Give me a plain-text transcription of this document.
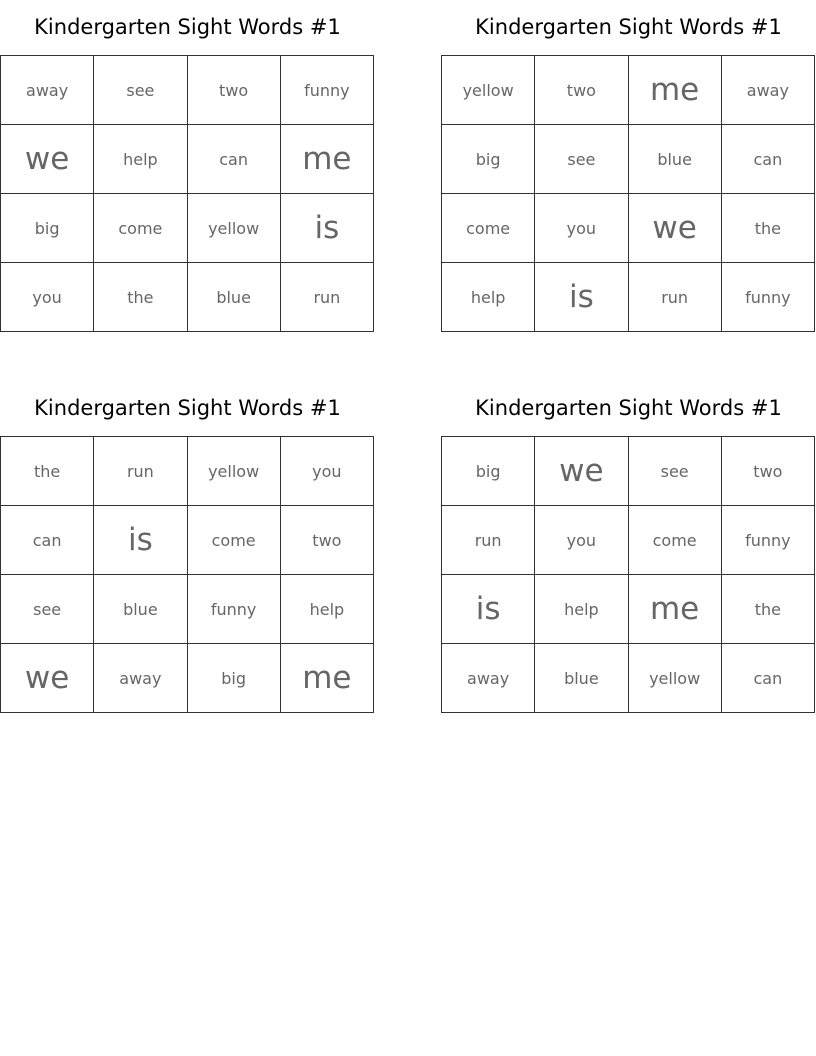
Kindergarten Sight Words #1
away	see	two	funny
we	help	can	me
big	come	yellow	is
you	the	blue	run
Kindergarten Sight Words #1
yellow	two	me	away
big	see	blue	can
come	you	we	the
help	is	run	funny
Kindergarten Sight Words #1
the	run	yellow	you
can	is	come	two
see	blue	funny	help
we	away	big	me
Kindergarten Sight Words #1
big	we	see	two
run	you	come	funny
is	help	me	the
away	blue	yellow	can
